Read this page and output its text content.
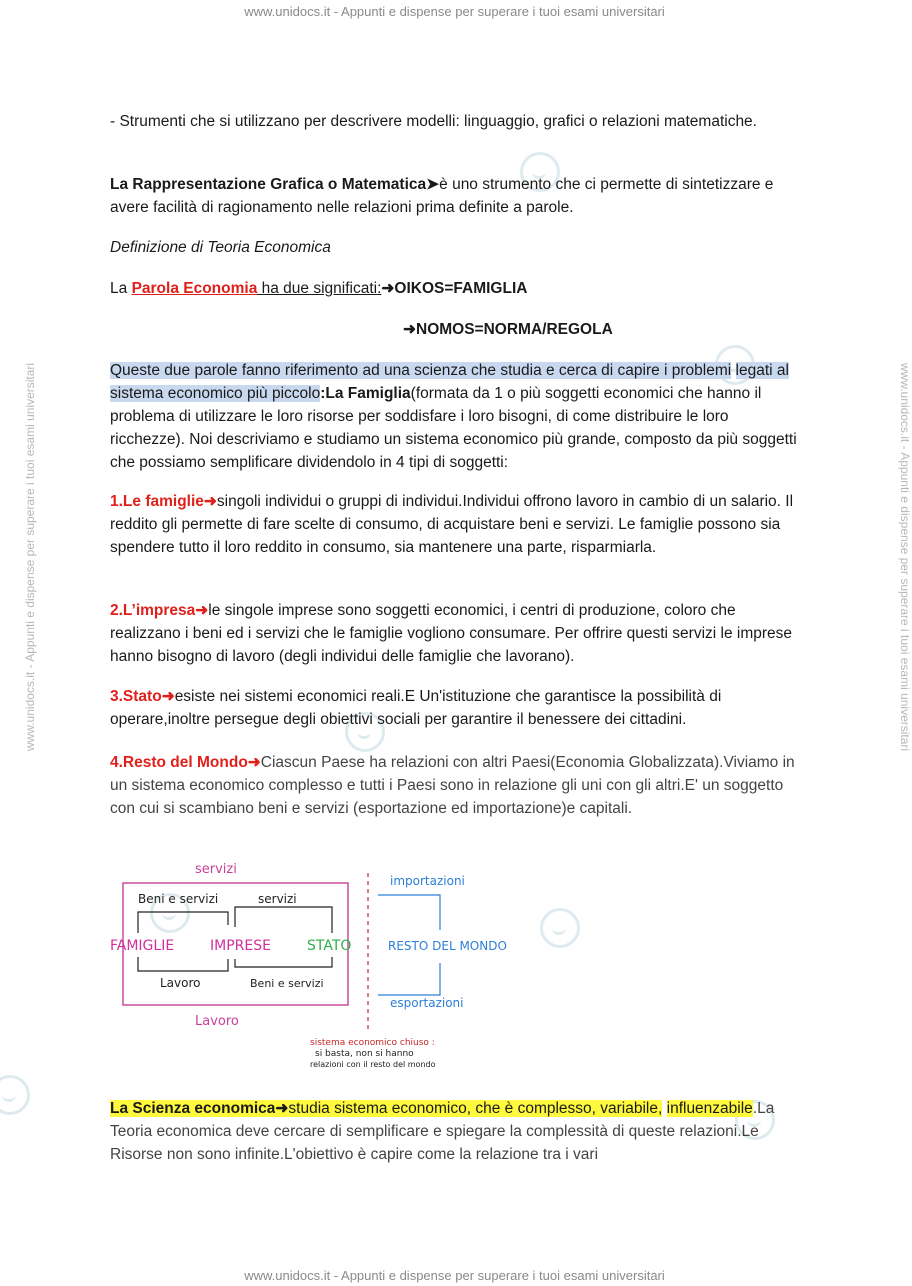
www.unidocs.it - Appunti e dispense per superare i tuoi esami universitari
www.unidocs.it - Appunti e dispense per superare i tuoi esami universitari
www.unidocs.it - Appunti e dispense per superare i tuoi esami universitari	www.unidocs.it - Appunti e dispense per superare i tuoi esami universitari

- Strumenti che si utilizzano per descrivere modelli: linguaggio, grafici o relazioni matematiche.

La Rappresentazione Grafica o Matematica➤è uno strumento che ci permette di sintetizzare e avere facilità di ragionamento nelle relazioni prima definite a parole.

Definizione di Teoria Economica

La Parola Economia ha due significati:➜OIKOS=FAMIGLIA

➜NOMOS=NORMA/REGOLA

Queste due parole fanno riferimento ad una scienza che studia e cerca di capire i problemi legati al sistema economico più piccolo:La Famiglia(formata da 1 o più soggetti economici che hanno il problema di utilizzare le loro risorse per soddisfare i loro bisogni, di come distribuire le loro ricchezze). Noi descriviamo e studiamo un sistema economico più grande, composto da più soggetti che possiamo semplificare dividendolo in 4 tipi di soggetti:

1.Le famiglie➜singoli individui o gruppi di individui.Individui offrono lavoro in cambio di un salario. Il reddito gli permette di fare scelte di consumo, di acquistare beni e servizi. Le famiglie possono sia spendere tutto il loro reddito in consumo, sia mantenere una parte, risparmiarla.

2.L’impresa➜le singole imprese sono soggetti economici, i centri di produzione, coloro che realizzano i beni ed i servizi che le famiglie vogliono consumare. Per offrire questi servizi le imprese hanno bisogno di lavoro (degli individui delle famiglie che lavorano).

3.Stato➜esiste nei sistemi economici reali.E Un'istituzione che garantisce la possibilità di operare,inoltre persegue degli obiettivi sociali per garantire il benessere dei cittadini.

4.Resto del Mondo➜Ciascun Paese ha relazioni con altri Paesi(Economia Globalizzata).Viviamo in un sistema economico complesso e tutti i Paesi sono in relazione gli uni con gli altri.E' un soggetto con cui si scambiano beni e servizi (esportazione ed importazione)e capitali.

servizi
Lavoro
Beni e servizi	servizi
FAMIGLIE	IMPRESE	STATO
Lavoro	Beni e servizi
importazioni
RESTO DEL MONDO
esportazioni
sistema economico chiuso :
si basta, non si hanno
relazioni con il resto del mondo

La Scienza economica➜studia sistema economico, che è complesso, variabile, influenzabile.La Teoria economica deve cercare di semplificare e spiegare la complessità di queste relazioni.Le Risorse non sono infinite.L'obiettivo è capire come la relazione tra i vari
